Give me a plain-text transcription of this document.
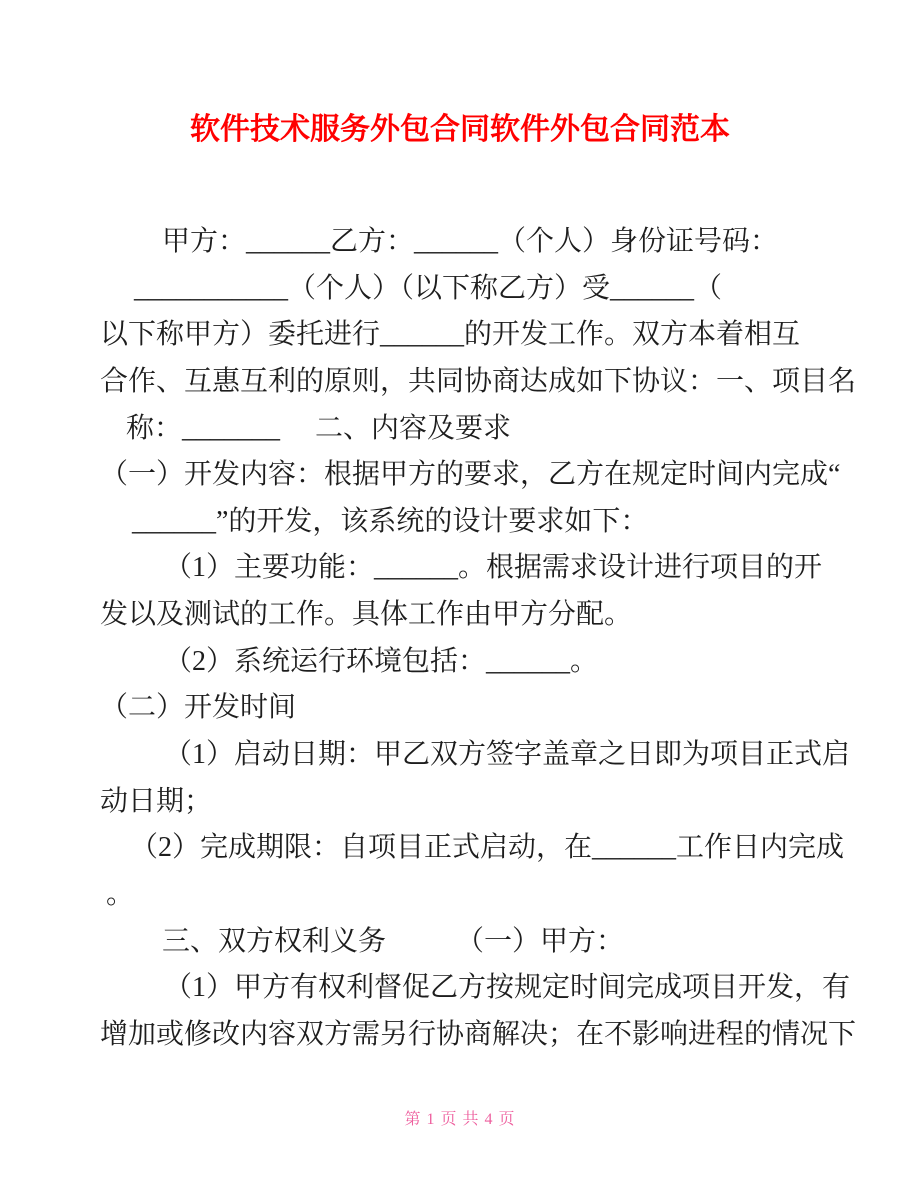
软件技术服务外包合同软件外包合同范本
甲方：______乙方：______（个人）身份证号码：
___________（个人）（以下称乙方）受______（
以下称甲方）委托进行______的开发工作。双方本着相互
合作、互惠互利的原则，共同协商达成如下协议：一、项目名
称：_______　 二、内容及要求
（一）开发内容：根据甲方的要求，乙方在规定时间内完成“
______”的开发，该系统的设计要求如下：
（1）主要功能：______。根据需求设计进行项目的开
发以及测试的工作。具体工作由甲方分配。
（2）系统运行环境包括：______。
（二）开发时间
（1）启动日期：甲乙双方签字盖章之日即为项目正式启
动日期；
（2）完成期限：自项目正式启动，在______工作日内完成
。
三、双方权利义务　　　（一）甲方：
（1）甲方有权利督促乙方按规定时间完成项目开发，有
增加或修改内容双方需另行协商解决；在不影响进程的情况下
第 1 页 共 4 页
